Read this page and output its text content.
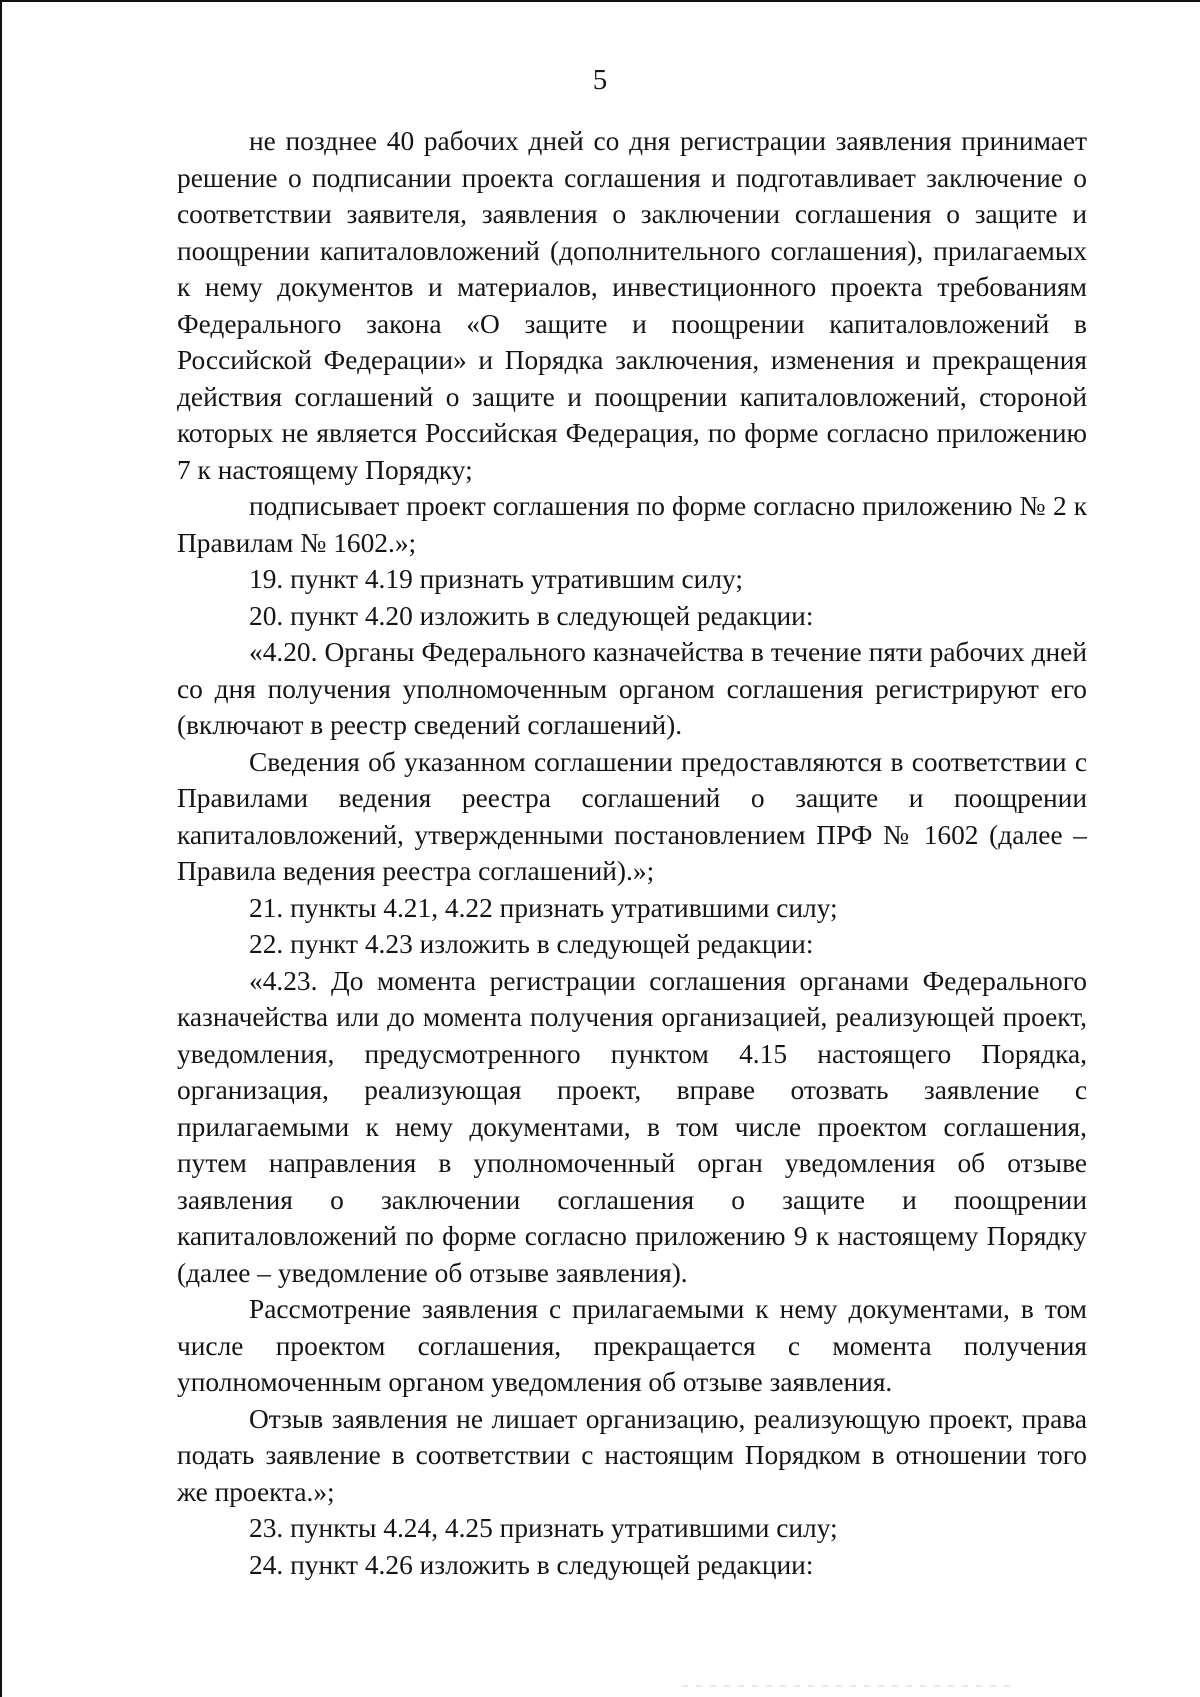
5

не позднее 40 рабочих дней со дня регистрации заявления принимает решение о подписании проекта соглашения и подготавливает заключение о соответствии заявителя, заявления о заключении соглашения о защите и поощрении капиталовложений (дополнительного соглашения), прилагаемых к нему документов и материалов, инвестиционного проекта требованиям Федерального закона «О защите и поощрении капиталовложений в Российской Федерации» и Порядка заключения, изменения и прекращения действия соглашений о защите и поощрении капиталовложений, стороной которых не является Российская Федерация, по форме согласно приложению 7 к настоящему Порядку;

подписывает проект соглашения по форме согласно приложению № 2 к Правилам № 1602.»;

19. пункт 4.19 признать утратившим силу;

20. пункт 4.20 изложить в следующей редакции:

«4.20. Органы Федерального казначейства в течение пяти рабочих дней со дня получения уполномоченным органом соглашения регистрируют его (включают в реестр сведений соглашений).

Сведения об указанном соглашении предоставляются в соответствии с Правилами ведения реестра соглашений о защите и поощрении капиталовложений, утвержденными постановлением ПРФ № 1602 (далее – Правила ведения реестра соглашений).»;

21. пункты 4.21, 4.22 признать утратившими силу;

22. пункт 4.23 изложить в следующей редакции:

«4.23. До момента регистрации соглашения органами Федерального казначейства или до момента получения организацией, реализующей проект, уведомления, предусмотренного пунктом 4.15 настоящего Порядка, организация, реализующая проект, вправе отозвать заявление с прилагаемыми к нему документами, в том числе проектом соглашения, путем направления в уполномоченный орган уведомления об отзыве заявления о заключении соглашения о защите и поощрении капиталовложений по форме согласно приложению 9 к настоящему Порядку (далее – уведомление об отзыве заявления).

Рассмотрение заявления с прилагаемыми к нему документами, в том числе проектом соглашения, прекращается с момента получения уполномоченным органом уведомления об отзыве заявления.

Отзыв заявления не лишает организацию, реализующую проект, права подать заявление в соответствии с настоящим Порядком в отношении того же проекта.»;

23. пункты 4.24, 4.25 признать утратившими силу;

24. пункт 4.26 изложить в следующей редакции:
